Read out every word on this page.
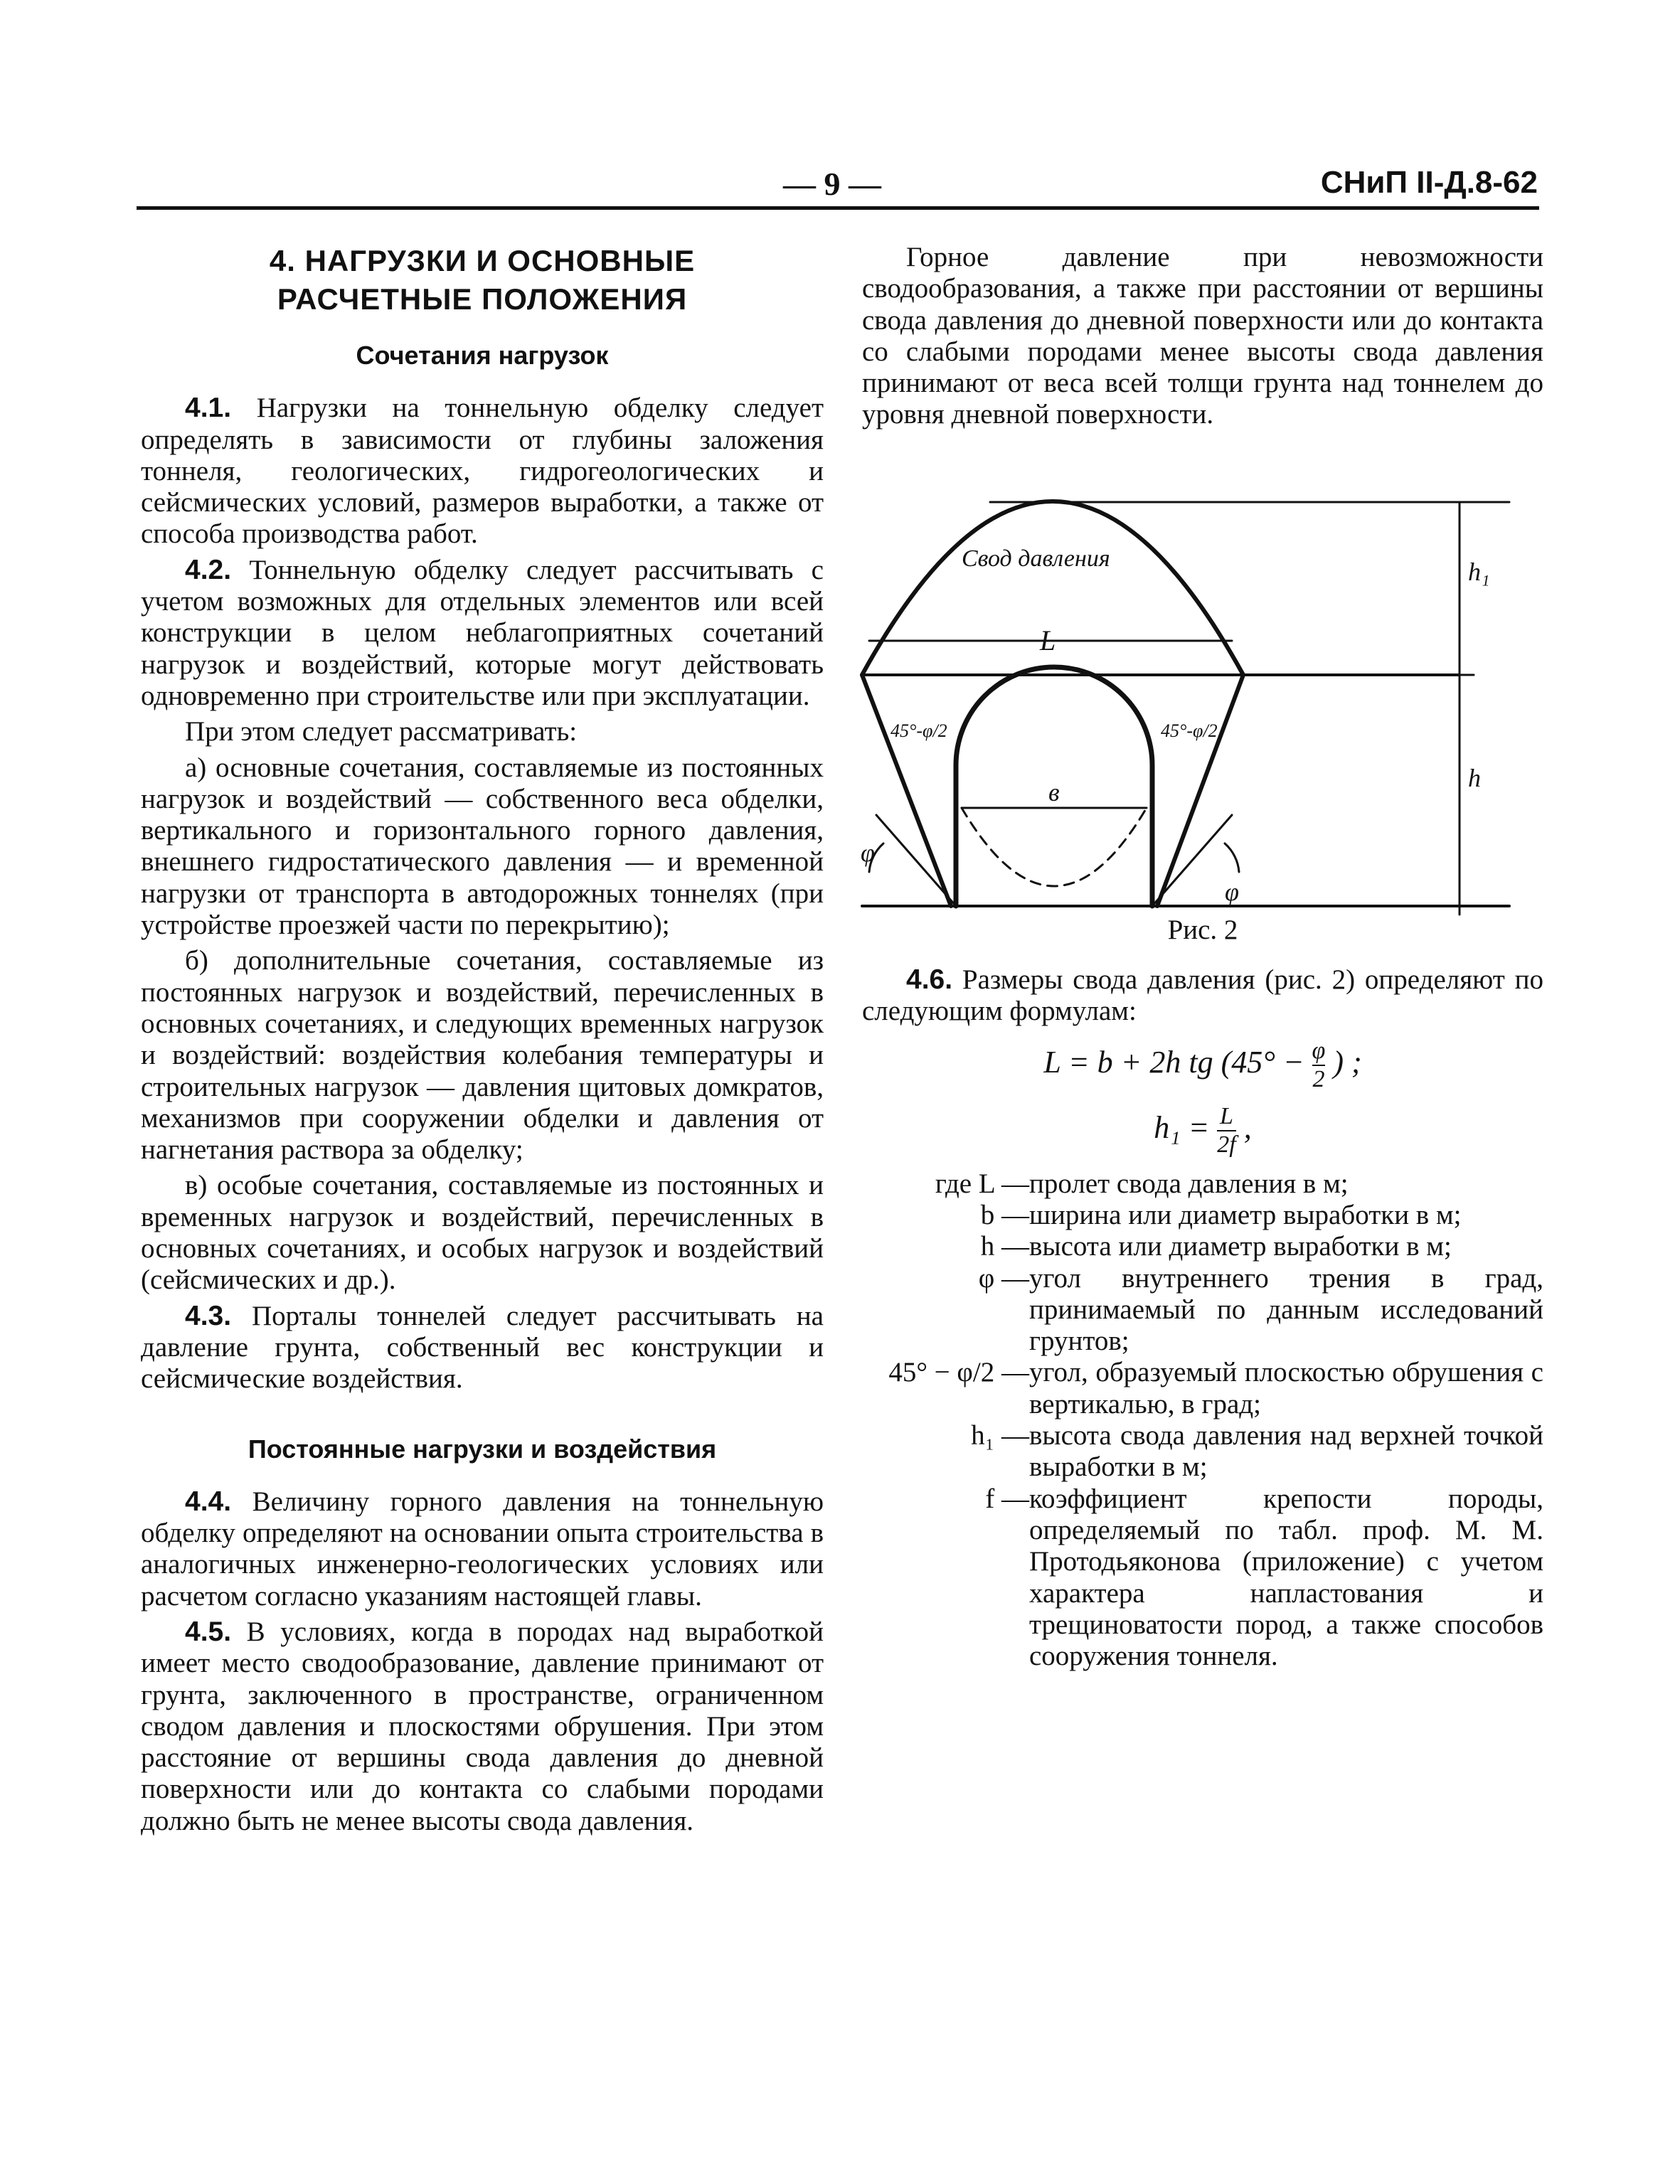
— 9 —	СНиП II-Д.8-62
4. НАГРУЗКИ И ОСНОВНЫЕ
РАСЧЕТНЫЕ ПОЛОЖЕНИЯ
Сочетания нагрузок

4.1. Нагрузки на тоннельную обделку следует определять в зависимости от глубины заложения тоннеля, геологических, гидрогеологических и сейсмических условий, размеров выработки, а также от способа производства работ.

4.2. Тоннельную обделку следует рассчитывать с учетом возможных для отдельных элементов или всей конструкции в целом неблагоприятных сочетаний нагрузок и воздействий, которые могут действовать одновременно при строительстве или при эксплуатации.

При этом следует рассматривать:

а) основные сочетания, составляемые из постоянных нагрузок и воздействий — собственного веса обделки, вертикального и горизонтального горного давления, внешнего гидростатического давления — и временной нагрузки от транспорта в автодорожных тоннелях (при устройстве проезжей части по перекрытию);

б) дополнительные сочетания, составляемые из постоянных нагрузок и воздействий, перечисленных в основных сочетаниях, и следующих временных нагрузок и воздействий: воздействия колебания температуры и строительных нагрузок — давления щитовых домкратов, механизмов при сооружении обделки и давления от нагнетания раствора за обделку;

в) особые сочетания, составляемые из постоянных и временных нагрузок и воздействий, перечисленных в основных сочетаниях, и особых нагрузок и воздействий (сейсмических и др.).

4.3. Порталы тоннелей следует рассчитывать на давление грунта, собственный вес конструкции и сейсмические воздействия.

Постоянные нагрузки и воздействия

4.4. Величину горного давления на тоннельную обделку определяют на основании опыта строительства в аналогичных инженерно-геологических условиях или расчетом согласно указаниям настоящей главы.

4.5. В условиях, когда в породах над выработкой имеет место сводообразование, давление принимают от грунта, заключенного в пространстве, ограниченном сводом давления и плоскостями обрушения. При этом расстояние от вершины свода давления до дневной поверхности или до контакта со слабыми породами должно быть не менее высоты свода давления.

Горное давление при невозможности сводообразования, а также при расстоянии от вершины свода давления до дневной поверхности или до контакта со слабыми породами менее высоты свода давления принимают от веса всей толщи грунта над тоннелем до уровня дневной поверхности.

Свод давления
L
в
h₁
h
45°-φ/2	45°-φ/2
φ
φ

Рис. 2

4.6. Размеры свода давления (рис. 2) определяют по следующим формулам:

L = b + 2h tg ($45^\circ - \frac{\varphi}{2}$ ) ;
$h_1 = \frac{L}{2f}$ ,
где L — пролет свода давления в м;
b — ширина или диаметр выработки в м;
h — высота или диаметр выработки в м;
φ — угол внутреннего трения в град, принимаемый по данным исследований грунтов;
45° − φ/2 — угол, образуемый плоскостью обрушения с вертикалью, в град;
h₁ — высота свода давления над верхней точкой выработки в м;
f — коэффициент крепости породы, определяемый по табл. проф. М. М. Протодьяконова (приложение) с учетом характера напластования и трещиноватости пород, а также способов сооружения тоннеля.
